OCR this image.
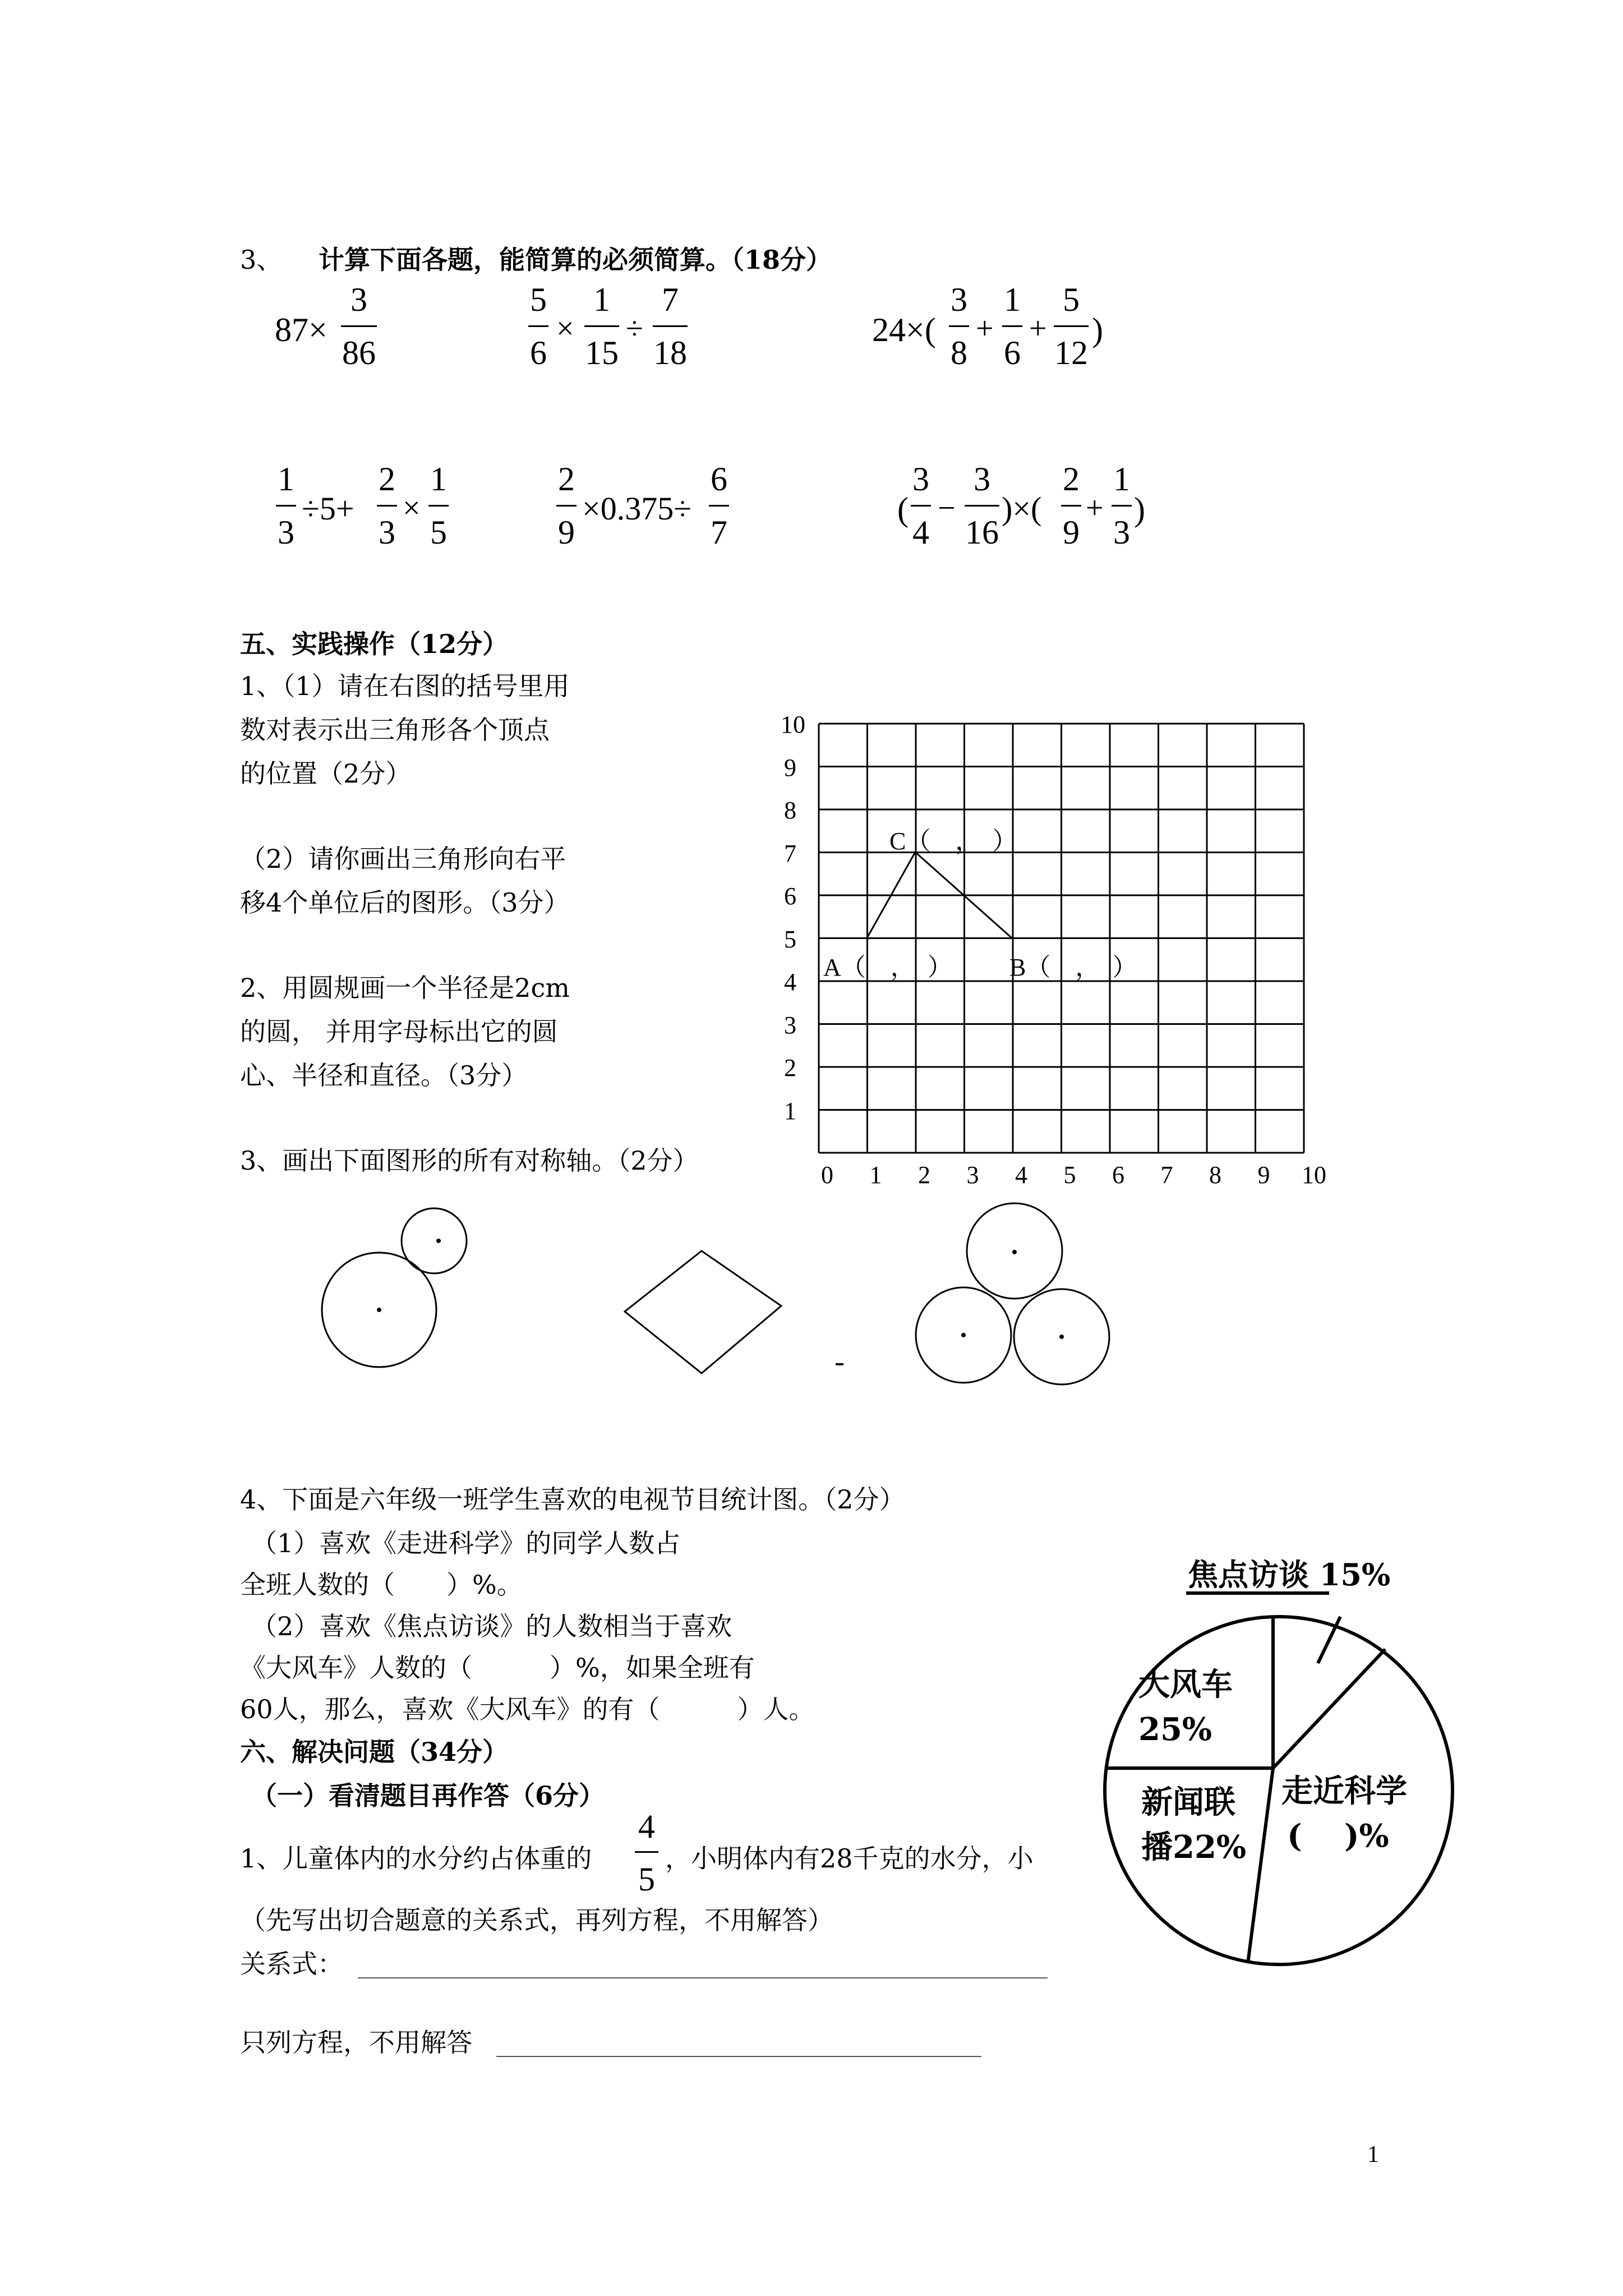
3、 计算下面各题，能简算的必须简算。（18分）
87×
3
86
5
6
×
1
15
÷
7
18
24×(
3
8
+
1
6
+
5
12
)
1
3
÷5+
2
3
×
1
5
2
9
×0.375÷
6
7
(
3
4
−
3
16
)×(
2
9
+
1
3
)
五、实践操作（12分）
1、（1）请在右图的括号里用
数对表示出三角形各个顶点
的位置（2分）
（2）请你画出三角形向右平
移4个单位后的图形。（3分）
2、用圆规画一个半径是2cm
的圆， 并用字母标出它的圆
心、半径和直径。（3分）
3、画出下面图形的所有对称轴。（2分）
10
9
8
7
6
5
4
3
2
1
0 1 2 3 4 5 6 7 8 9 10
C（　，　）
A（　，　） B（　，　）
4、下面是六年级一班学生喜欢的电视节目统计图。（2分）
（1）喜欢《走进科学》的同学人数占
全班人数的（　　）%。
（2）喜欢《焦点访谈》的人数相当于喜欢
《大风车》人数的（　　　）%，如果全班有
60人，那么，喜欢《大风车》的有（　　　）人。
焦点访谈 15%
大风车
25%
新闻联
播22%
走近科学
(　 )%
六、解决问题（34分）
（一）看清题目再作答（6分）
1、儿童体内的水分约占体重的
4
5
，小明体内有28千克的水分，小
（先写出切合题意的关系式，再列方程，不用解答）
关系式：
只列方程，不用解答
1
